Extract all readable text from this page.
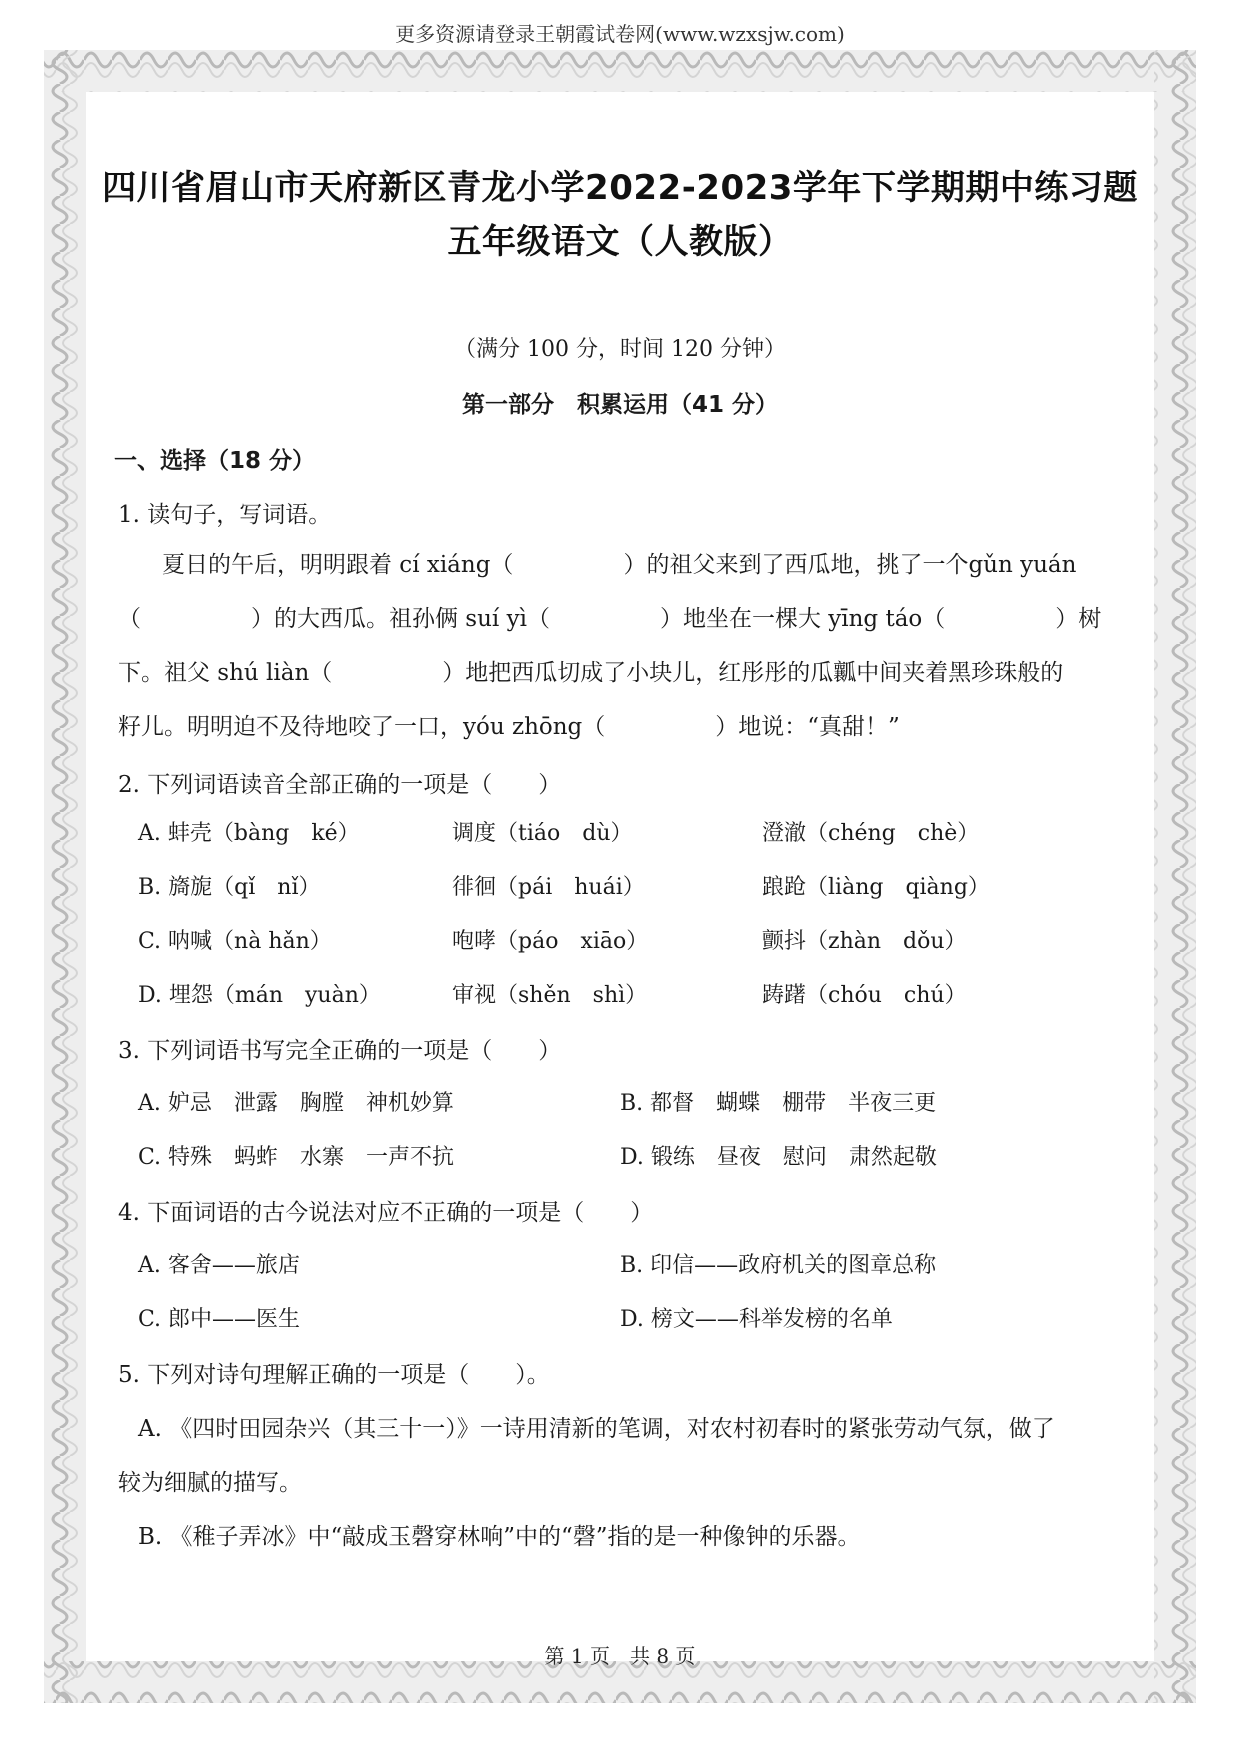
更多资源请登录王朝霞试卷网(www.wzxsjw.com)
四川省眉山市天府新区青龙小学2022-2023学年下学期期中练习题
五年级语文（人教版）
（满分 100 分，时间 120 分钟）
第一部分　积累运用（41 分）
一、选择（18 分）
1. 读句子，写词语。

夏日的午后，明明跟着 cí xiáng（	）的祖父来到了西瓜地，挑了一个gǔn yuán

（	）的大西瓜。祖孙俩 suí yì（	）地坐在一棵大 yīng táo（	）树

下。祖父 shú liàn（	）地把西瓜切成了小块儿，红彤彤的瓜瓤中间夹着黑珍珠般的

籽儿。明明迫不及待地咬了一口，yóu zhōng（	）地说：“真甜！”

2. 下列词语读音全部正确的一项是（　　）
A. 蚌壳（bàng　ké）	调度（tiáo　dù）	澄澈（chéng　chè）
B. 旖旎（qǐ　nǐ）	徘徊（pái　huái）	踉跄（liàng　qiàng）
C. 呐喊（nà hǎn）	咆哮（páo　xiāo）	颤抖（zhàn　dǒu）
D. 埋怨（mán　yuàn）	审视（shěn　shì）	踌躇（chóu　chú）
3. 下列词语书写完全正确的一项是（　　）
A. 妒忌　泄露　胸膛　神机妙算	B. 都督　蝴蝶　棚带　半夜三更
C. 特殊　蚂蚱　水寨　一声不抗	D. 锻练　昼夜　慰问　肃然起敬
4. 下面词语的古今说法对应不正确的一项是（　　）
A. 客舍——旅店	B. 印信——政府机关的图章总称
C. 郎中——医生	D. 榜文——科举发榜的名单
5. 下列对诗句理解正确的一项是（　　）。
A. 《四时田园杂兴（其三十一）》一诗用清新的笔调，对农村初春时的紧张劳动气氛，做了
较为细腻的描写。
B. 《稚子弄冰》中“敲成玉磬穿林响”中的“磬”指的是一种像钟的乐器。
第 1 页　共 8 页
